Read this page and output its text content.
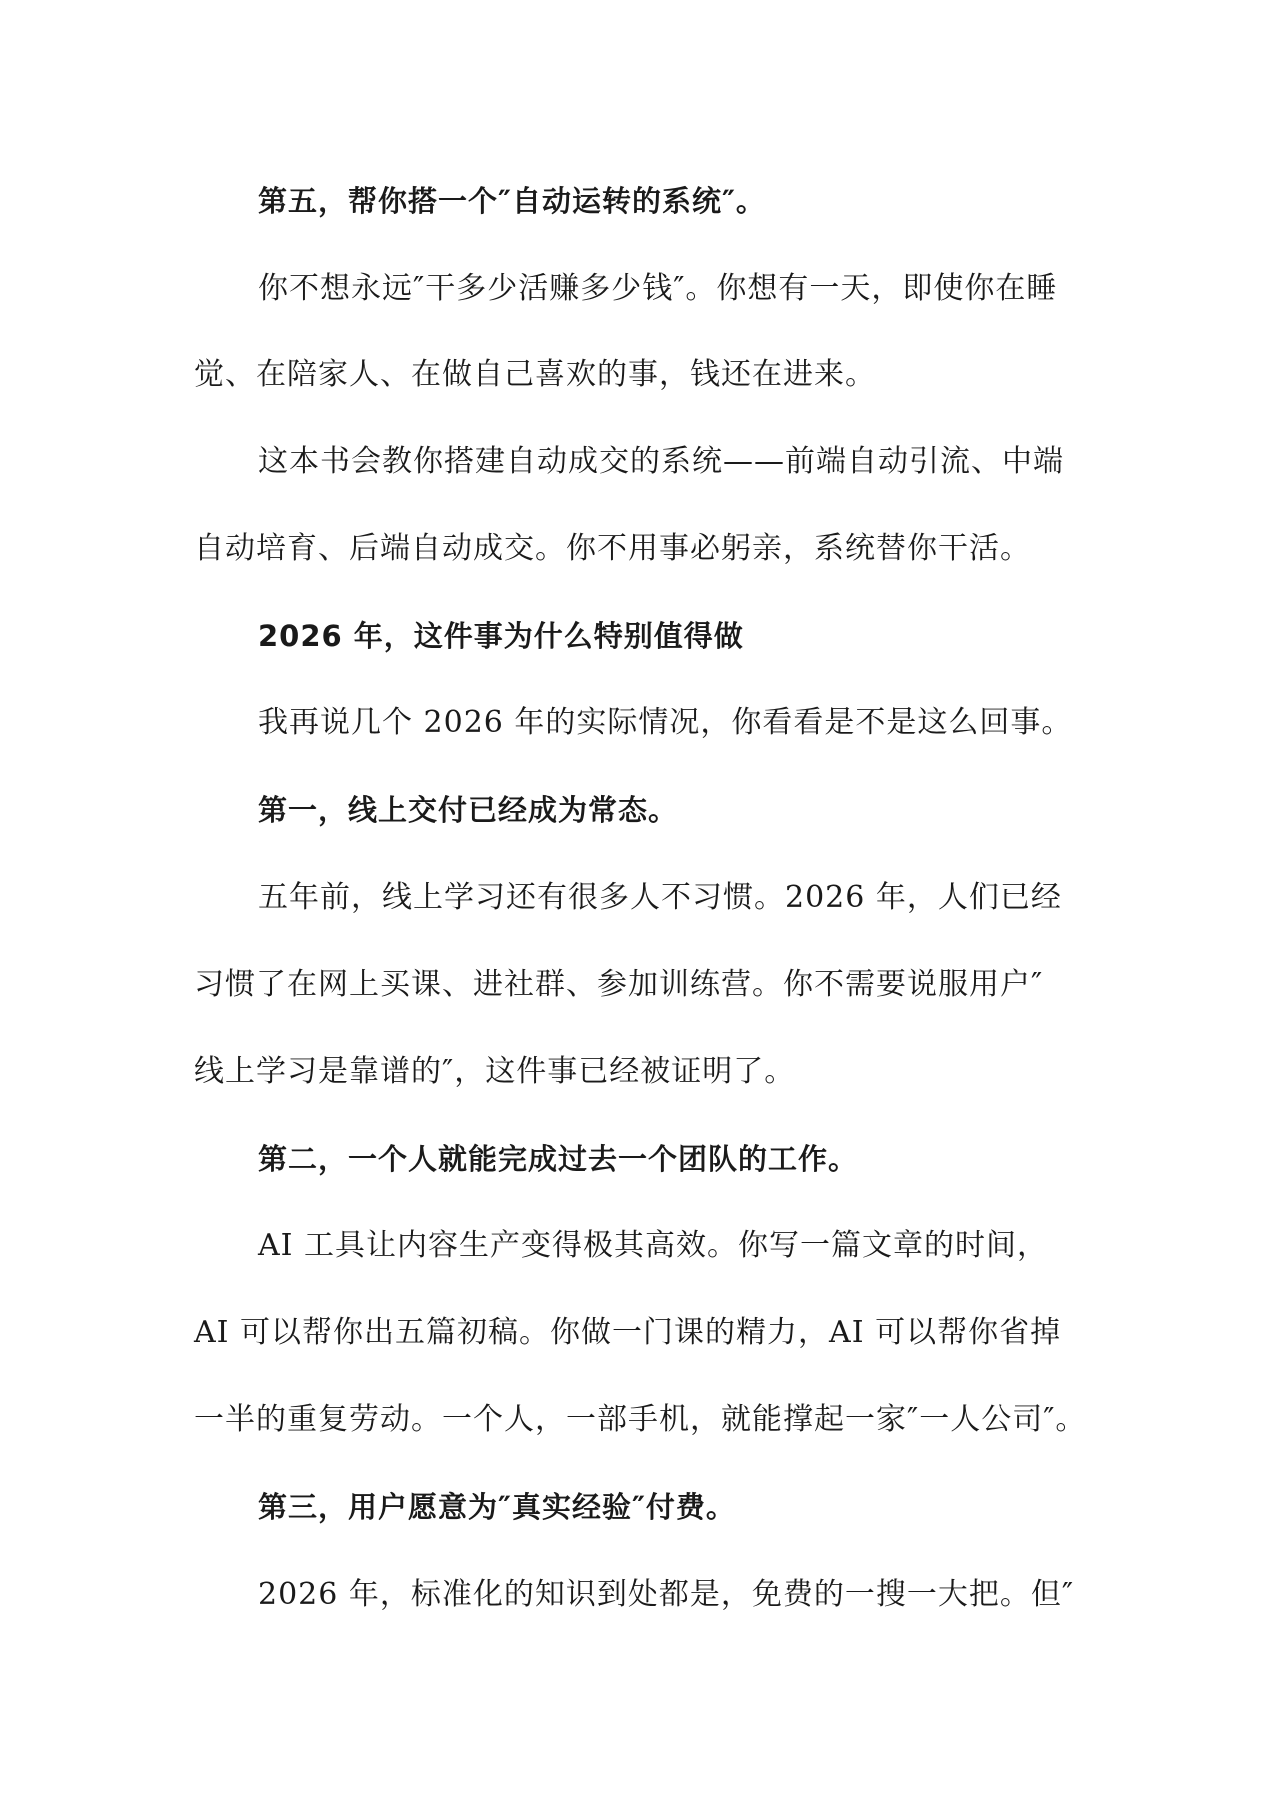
第五，帮你搭一个″自动运转的系统″。
你不想永远″干多少活赚多少钱″。你想有一天，即使你在睡
觉、在陪家人、在做自己喜欢的事，钱还在进来。
这本书会教你搭建自动成交的系统——前端自动引流、中端
自动培育、后端自动成交。你不用事必躬亲，系统替你干活。
2026 年，这件事为什么特别值得做
我再说几个 2026 年的实际情况，你看看是不是这么回事。
第一，线上交付已经成为常态。
五年前，线上学习还有很多人不习惯。2026 年，人们已经
习惯了在网上买课、进社群、参加训练营。你不需要说服用户″
线上学习是靠谱的″，这件事已经被证明了。
第二，一个人就能完成过去一个团队的工作。
AI 工具让内容生产变得极其高效。你写一篇文章的时间，
AI 可以帮你出五篇初稿。你做一门课的精力，AI 可以帮你省掉
一半的重复劳动。一个人，一部手机，就能撑起一家″一人公司″。
第三，用户愿意为″真实经验″付费。
2026 年，标准化的知识到处都是，免费的一搜一大把。但″
